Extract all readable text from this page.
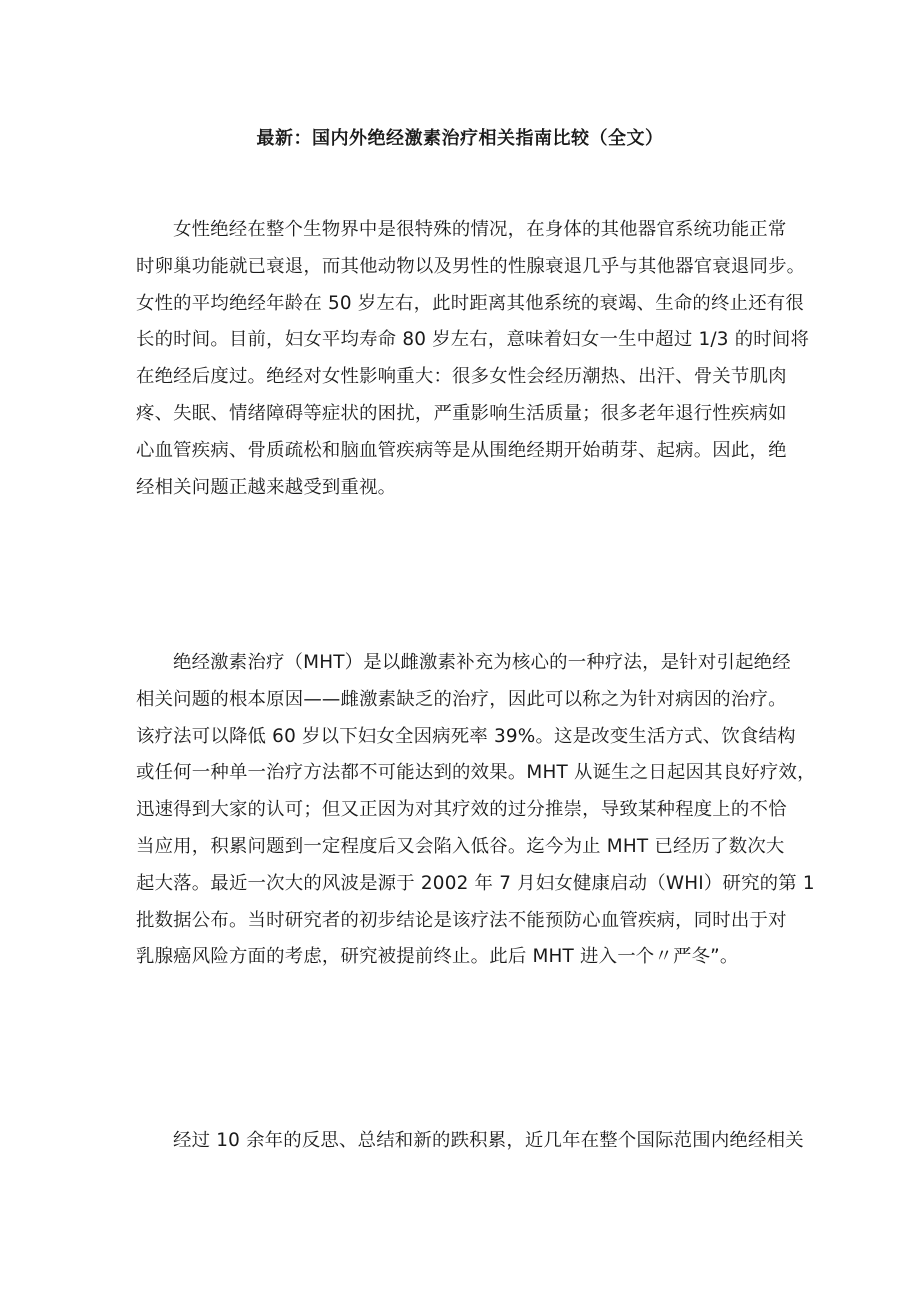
最新：国内外绝经激素治疗相关指南比较（全文）
女性绝经在整个生物界中是很特殊的情况，在身体的其他器官系统功能正常
时卵巢功能就已衰退，而其他动物以及男性的性腺衰退几乎与其他器官衰退同步。
女性的平均绝经年龄在 50 岁左右，此时距离其他系统的衰竭、生命的终止还有很
长的时间。目前，妇女平均寿命 80 岁左右，意味着妇女一生中超过 1/3 的时间将
在绝经后度过。绝经对女性影响重大：很多女性会经历潮热、出汗、骨关节肌肉
疼、失眠、情绪障碍等症状的困扰，严重影响生活质量；很多老年退行性疾病如
心血管疾病、骨质疏松和脑血管疾病等是从围绝经期开始萌芽、起病。因此，绝
经相关问题正越来越受到重视。
绝经激素治疗（MHT）是以雌激素补充为核心的一种疗法，是针对引起绝经
相关问题的根本原因——雌激素缺乏的治疗，因此可以称之为针对病因的治疗。
该疗法可以降低 60 岁以下妇女全因病死率 39%。这是改变生活方式、饮食结构
或任何一种单一治疗方法都不可能达到的效果。MHT 从诞生之日起因其良好疗效，
迅速得到大家的认可；但又正因为对其疗效的过分推崇，导致某种程度上的不恰
当应用，积累问题到一定程度后又会陷入低谷。迄今为止 MHT 已经历了数次大
起大落。最近一次大的风波是源于 2002 年 7 月妇女健康启动（WHI）研究的第 1
批数据公布。当时研究者的初步结论是该疗法不能预防心血管疾病，同时出于对
乳腺癌风险方面的考虑，研究被提前终止。此后 MHT 进入一个〃严冬”。
经过 10 余年的反思、总结和新的跌积累，近几年在整个国际范围内绝经相关
